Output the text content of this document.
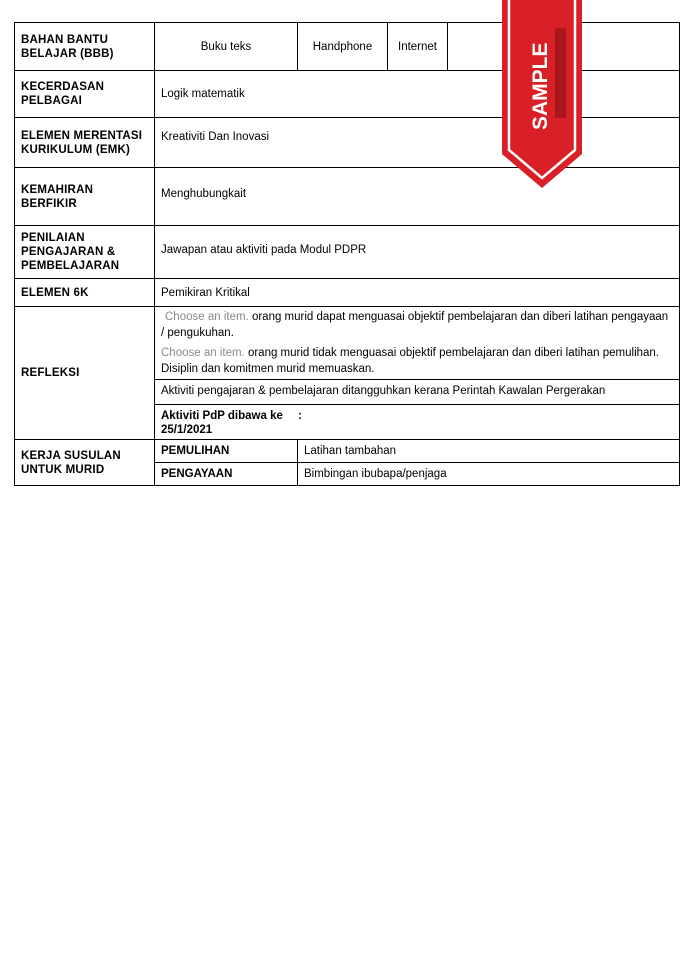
BAHAN BANTU BELAJAR (BBB)	Buku teks	Handphone	Internet	
KECERDASAN PELBAGAI	Logik matematik			
ELEMEN MERENTASI KURIKULUM (EMK)	Kreativiti Dan Inovasi			
KEMAHIRAN BERFIKIR	Menghubungkait			
PENILAIAN PENGAJARAN & PEMBELAJARAN	Jawapan atau aktiviti pada Modul PDPR			
ELEMEN 6K	Pemikiran Kritikal			
REFLEKSI	Choose an item. orang murid dapat menguasai objektif pembelajaran dan diberi latihan pengayaan / pengukuhan.
Choose an item. orang murid tidak menguasai objektif pembelajaran dan diberi latihan pemulihan. Disiplin dan komitmen murid memuaskan.
Aktiviti pengajaran & pembelajaran ditangguhkan kerana Perintah Kawalan Pergerakan
Aktiviti PdP dibawa ke :
25/1/2021			

KERJA SUSULAN UNTUK MURID	PEMULIHAN	Latihan tambahan		
	PENGAYAAN	Bimbingan ibubapa/penjaga		
SAMPLE
